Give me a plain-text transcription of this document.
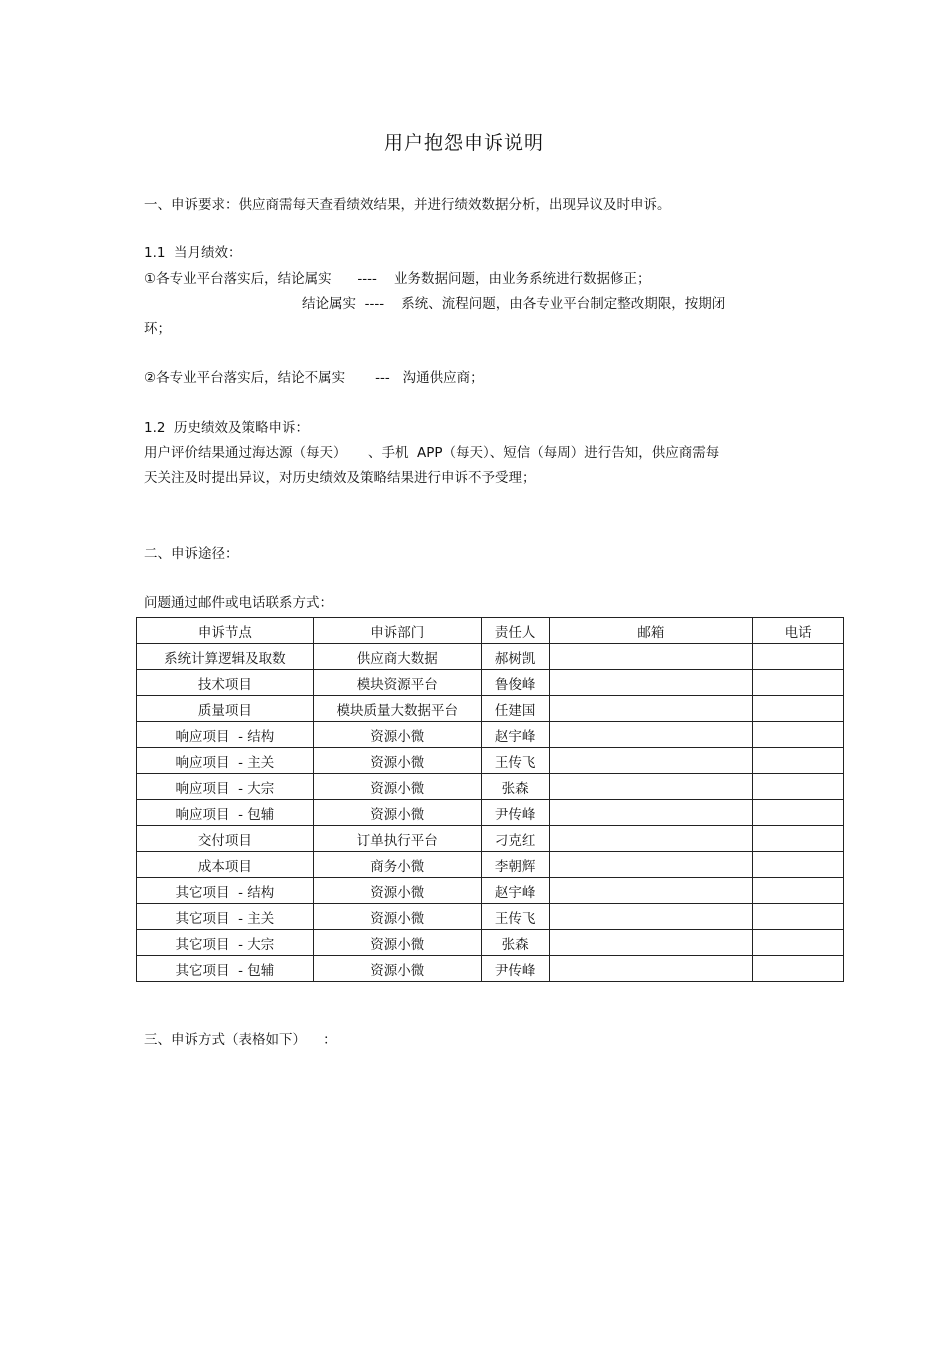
用户抱怨申诉说明
一、申诉要求：供应商需每天查看绩效结果，并进行绩效数据分析，出现异议及时申诉。
1.1  当月绩效：
①各专业平台落实后，结论属实      ----    业务数据问题，由业务系统进行数据修正；
结论属实  ----    系统、流程问题，由各专业平台制定整改期限，按期闭
环；
②各专业平台落实后，结论不属实       ---   沟通供应商；
1.2  历史绩效及策略申诉：
用户评价结果通过海达源（每天）     、手机  APP（每天）、短信（每周）进行告知，供应商需每
天关注及时提出异议，对历史绩效及策略结果进行申诉不予受理；
二、申诉途径：
问题通过邮件或电话联系方式：
申诉节点	申诉部门	责任人	邮箱	电话
系统计算逻辑及取数	供应商大数据	郝树凯		
技术项目	模块资源平台	鲁俊峰		
质量项目	模块质量大数据平台	任建国		
响应项目  - 结构	资源小微	赵宇峰		
响应项目  - 主关	资源小微	王传飞		
响应项目  - 大宗	资源小微	张森		
响应项目  - 包辅	资源小微	尹传峰		
交付项目	订单执行平台	刁克红		
成本项目	商务小微	李朝辉		
其它项目  - 结构	资源小微	赵宇峰		
其它项目  - 主关	资源小微	王传飞		
其它项目  - 大宗	资源小微	张森		
其它项目  - 包辅	资源小微	尹传峰		
三、申诉方式（表格如下）    ：
